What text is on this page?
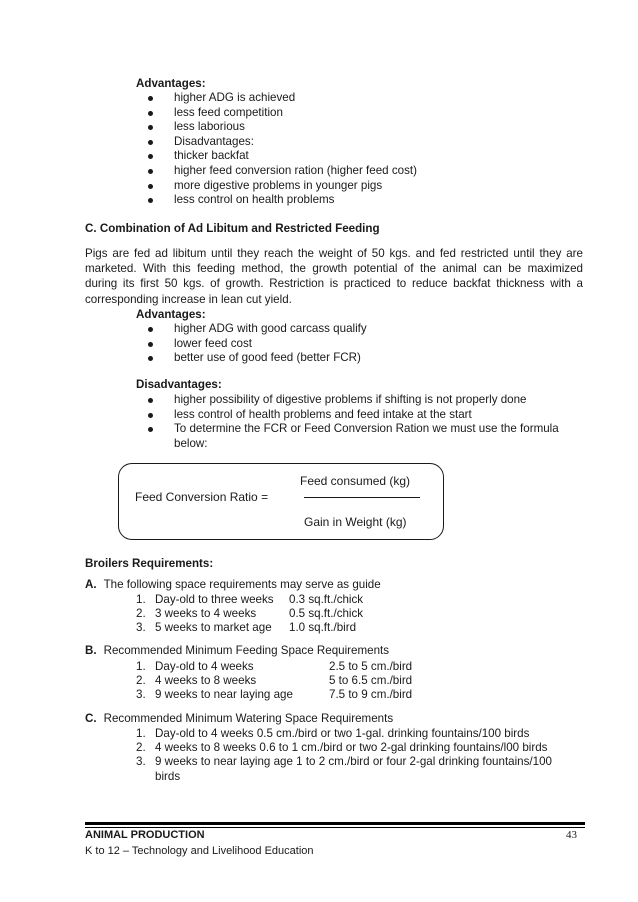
Advantages:
higher ADG is achieved
less feed competition
less laborious
Disadvantages:
thicker backfat
higher feed conversion ration (higher feed cost)
more digestive problems in younger pigs
less control on health problems
C. Combination of Ad Libitum and Restricted Feeding
Pigs are fed ad libitum until they reach the weight of 50 kgs. and fed restricted until they are
marketed. With this feeding method, the growth potential of the animal can be maximized
during its first 50 kgs. of growth. Restriction is practiced to reduce backfat thickness with a
corresponding increase in lean cut yield.
Advantages:
higher ADG with good carcass qualify
lower feed cost
better use of good feed (better FCR)
Disadvantages:
higher possibility of digestive problems if shifting is not properly done
less control of health problems and feed intake at the start
To determine the FCR or Feed Conversion Ration we must use the formula
below:
Feed consumed (kg)
Feed Conversion Ratio =
Gain in Weight (kg)
Broilers Requirements:
A. The following space requirements may serve as guide
1. Day-old to three weeks 0.3 sq.ft./chick
2. 3 weeks to 4 weeks	0.5 sq.ft./chick
3. 5 weeks to market age 1.0 sq.ft./bird
B. Recommended Minimum Feeding Space Requirements
1. Day-old to 4 weeks	2.5 to 5 cm./bird
2. 4 weeks to 8 weeks	5 to 6.5 cm./bird
3. 9 weeks to near laying age	7.5 to 9 cm./bird
C. Recommended Minimum Watering Space Requirements
1. Day-old to 4 weeks 0.5 cm./bird or two 1-gal. drinking fountains/100 birds
2. 4 weeks to 8 weeks 0.6 to 1 cm./bird or two 2-gal drinking fountains/l00 birds
3. 9 weeks to near laying age 1 to 2 cm./bird or four 2-gal drinking fountains/100
birds
ANIMAL PRODUCTION	43
K to 12 – Technology and Livelihood Education
